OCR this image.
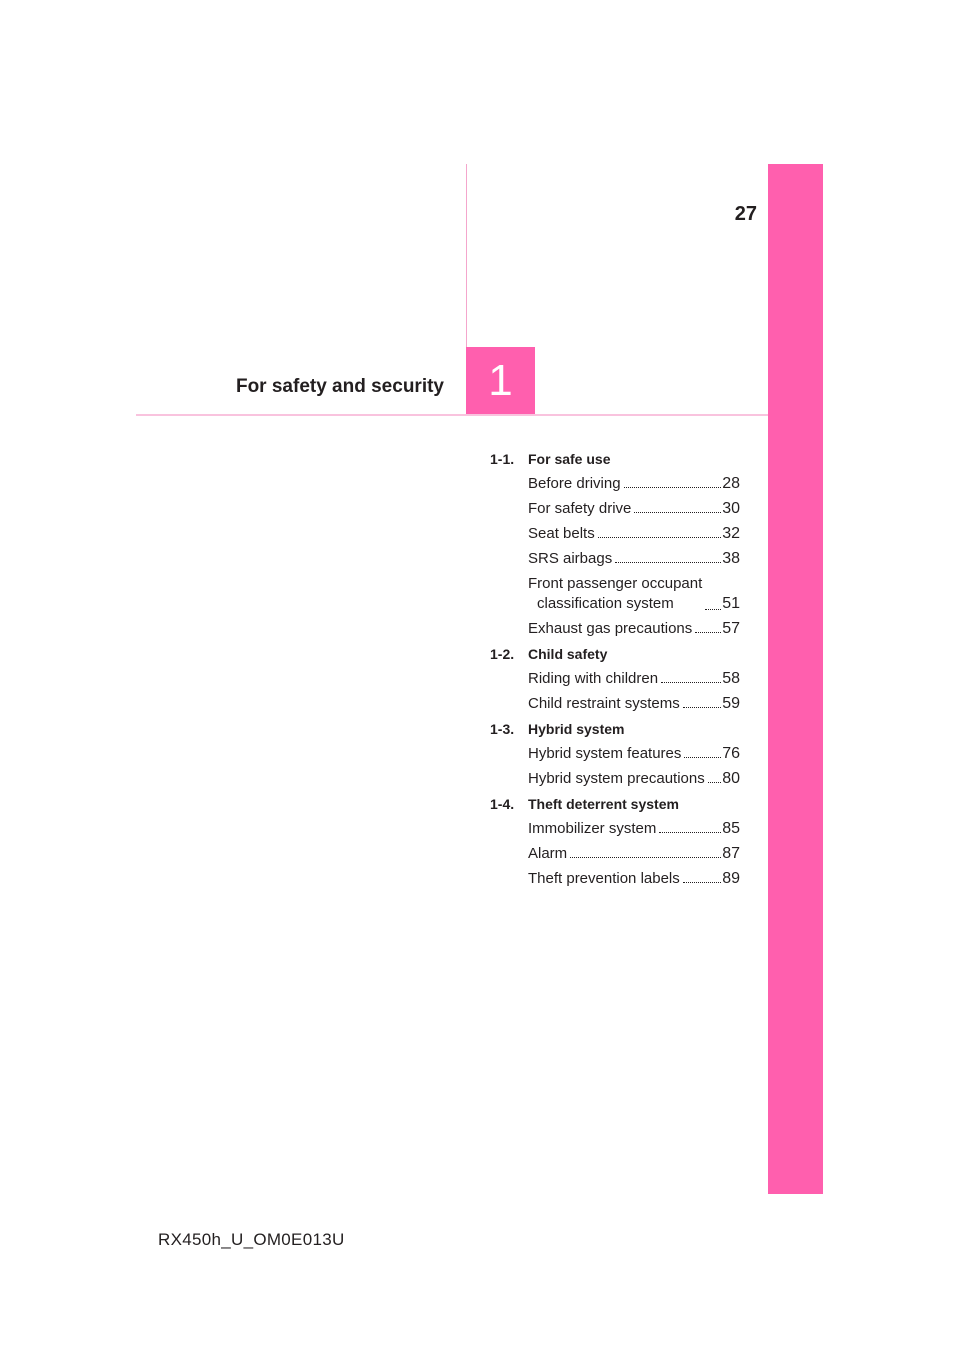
27
For safety and security	1
1-1. For safe use
Before driving	28
For safety drive	30
Seat belts	32
SRS airbags	38
Front passenger occupant
classification system	51
Exhaust gas precautions 57
1-2. Child safety
Riding with children	58
Child restraint systems	59
1-3. Hybrid system
Hybrid system features	76
Hybrid system precautions 80
1-4. Theft deterrent system
Immobilizer system	85
Alarm	87
Theft prevention labels	89
RX450h_U_OM0E013U
